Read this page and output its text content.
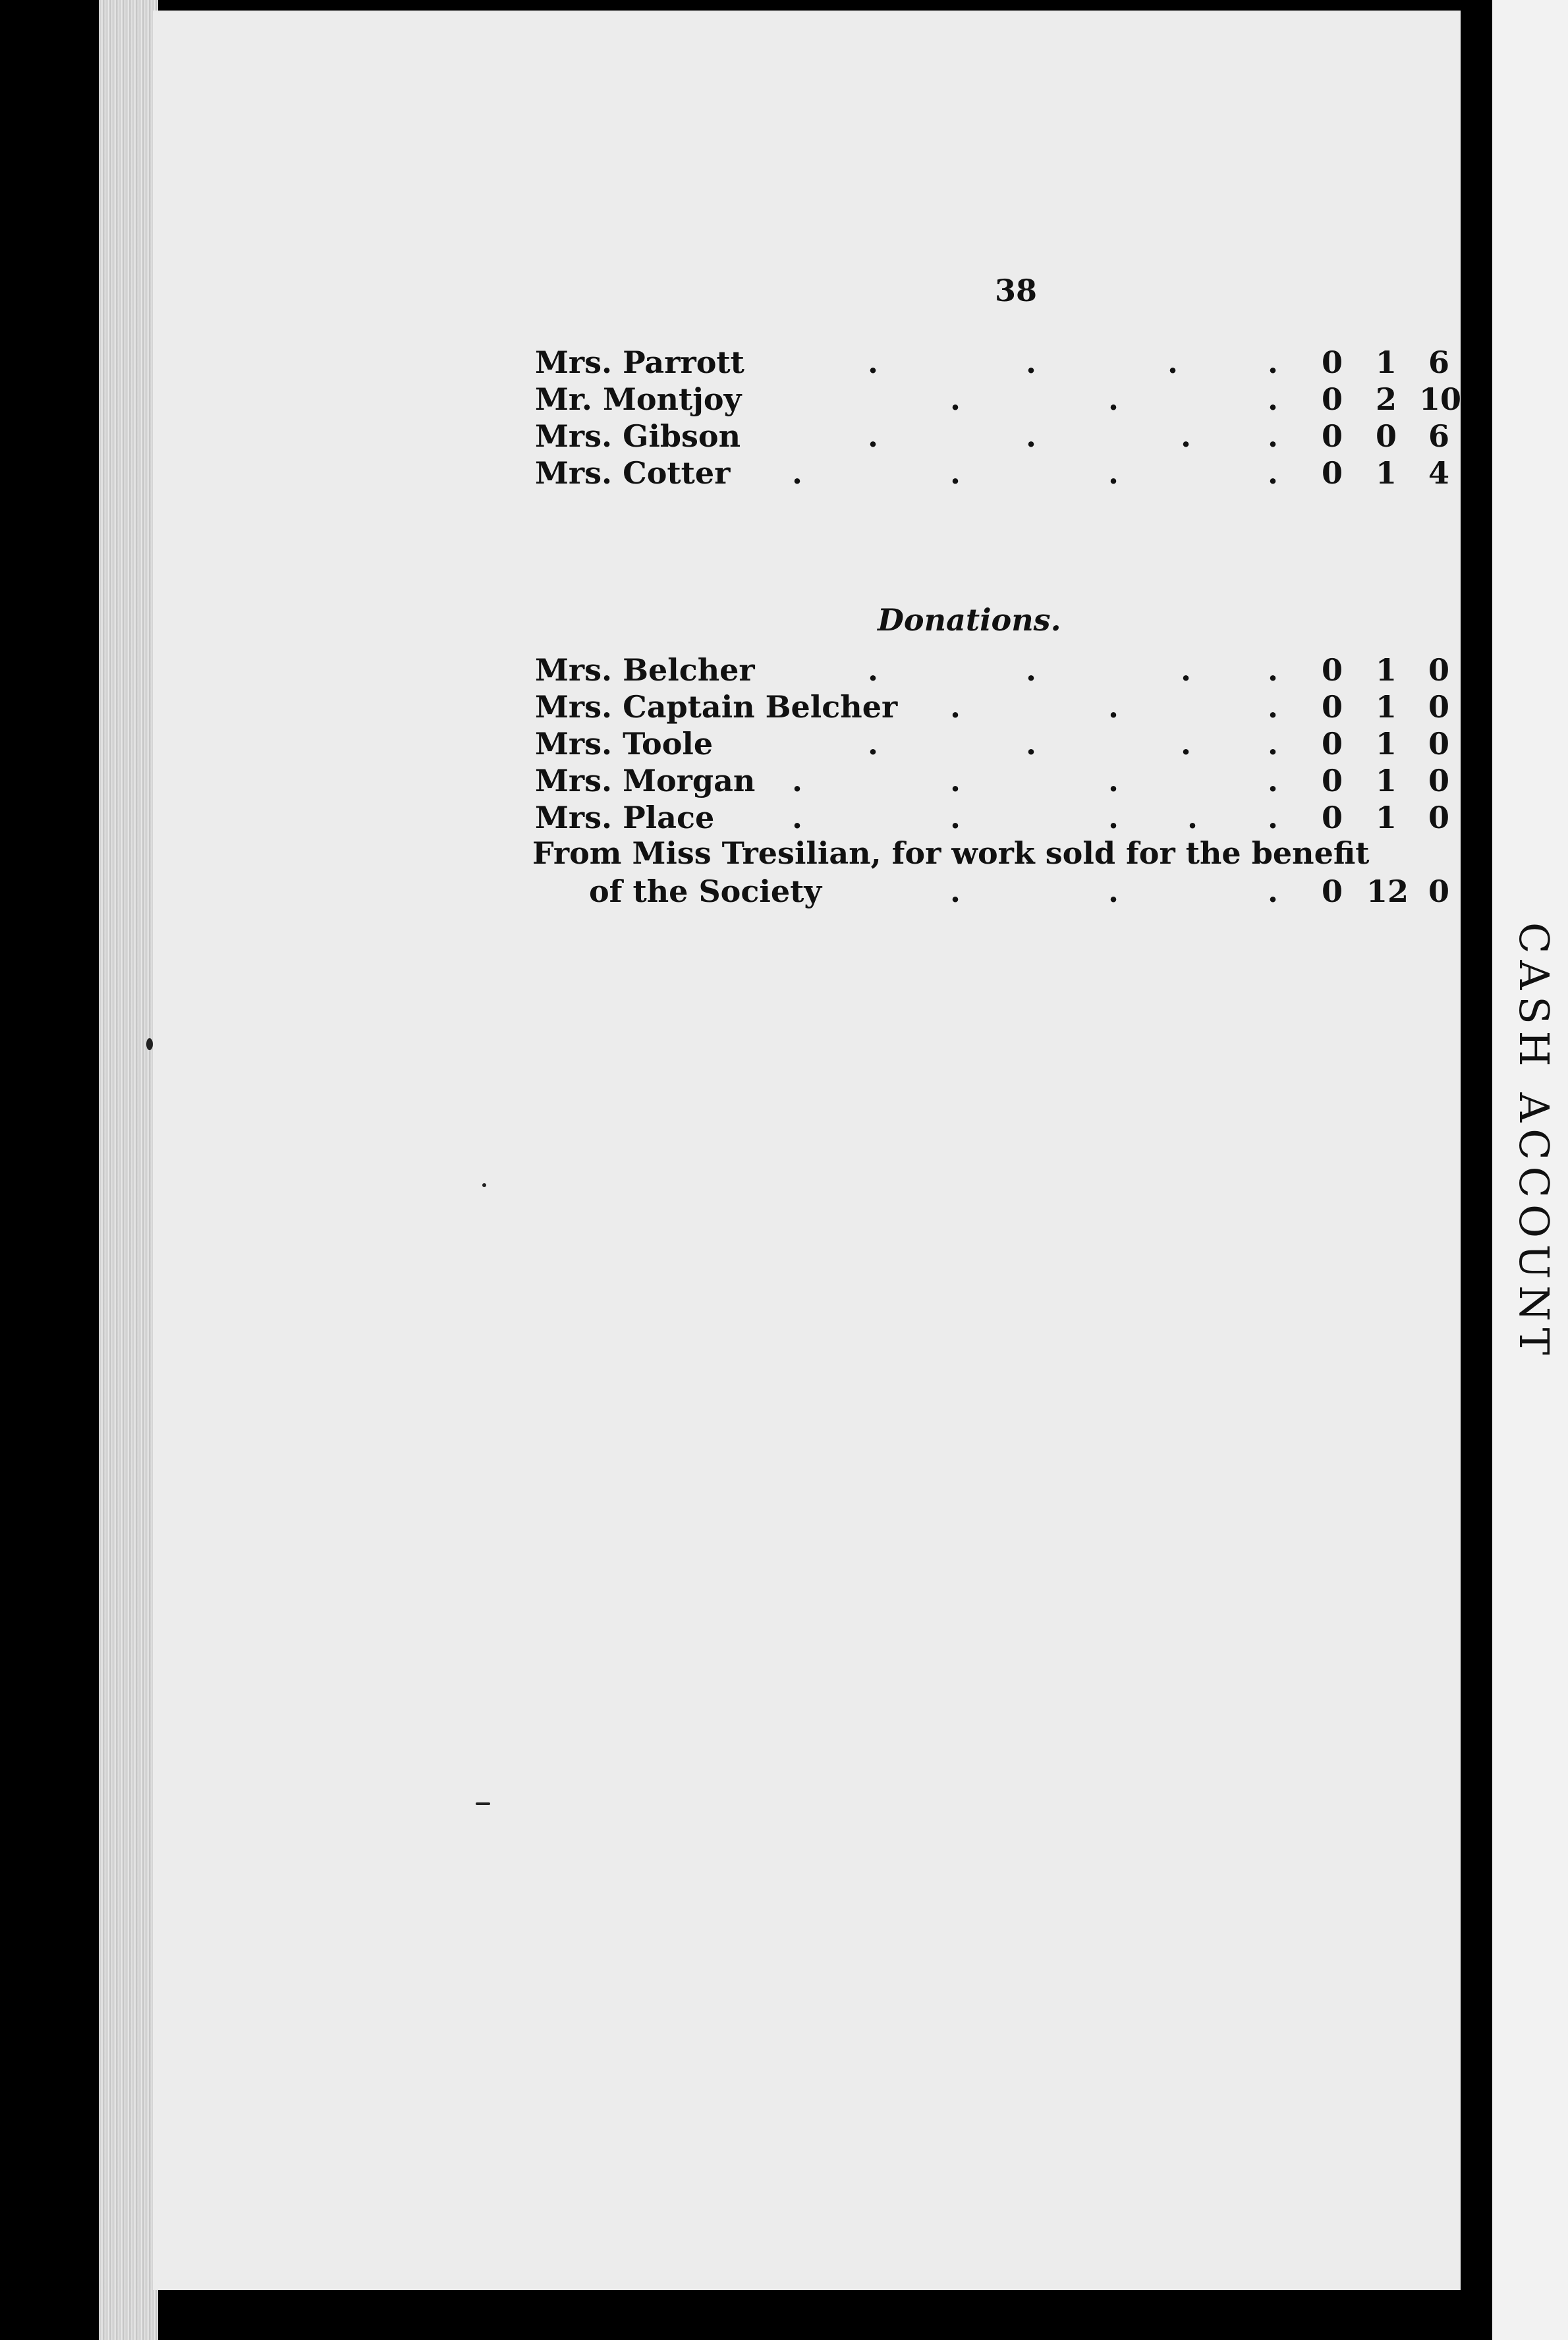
38
Mrs. Parrott	.	.	.	.	0	1	6
Mr. Montjoy	.	.	.	0	2 10
Mrs. Gibson	.	.	.	.	0	0	6
Mrs. Cotter .	.	.	.	0	1	4
Donations.
Mrs. Belcher	.	.	.	.	0	1	0
Mrs. Captain Belcher .	.	.	0	1	0
Mrs. Toole	.	.	.	.	0	1	0
Mrs. Morgan .	.	.	.	0	1	0
Mrs. Place	.	.	. . .	0	1	0
From Miss Tresilian, for work sold for the benefit
of the Society	.	.	.	0 12 0
CASH ACCOUNT
